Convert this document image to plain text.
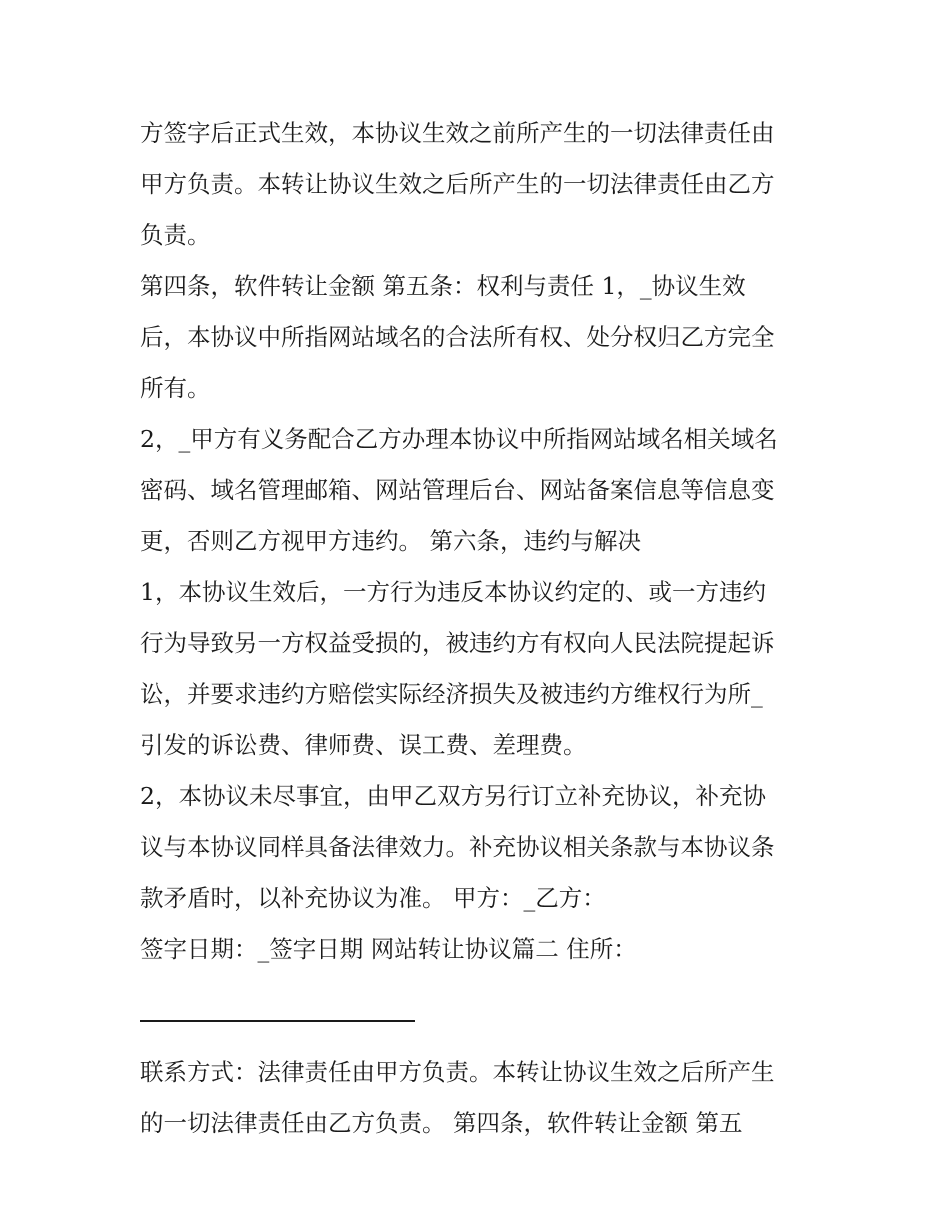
方签字后正式生效，本协议生效之前所产生的一切法律责任由
甲方负责。本转让协议生效之后所产生的一切法律责任由乙方
负责。
第四条，软件转让金额 第五条：权利与责任 1，_协议生效
后，本协议中所指网站域名的合法所有权、处分权归乙方完全
所有。
2，_甲方有义务配合乙方办理本协议中所指网站域名相关域名
密码、域名管理邮箱、网站管理后台、网站备案信息等信息变
更，否则乙方视甲方违约。 第六条，违约与解决
1，本协议生效后，一方行为违反本协议约定的、或一方违约
行为导致另一方权益受损的，被违约方有权向人民法院提起诉
讼，并要求违约方赔偿实际经济损失及被违约方维权行为所_
引发的诉讼费、律师费、误工费、差理费。
2，本协议未尽事宜，由甲乙双方另行订立补充协议，补充协
议与本协议同样具备法律效力。补充协议相关条款与本协议条
款矛盾时，以补充协议为准。 甲方：_乙方：
签字日期：_签字日期 网站转让协议篇二 住所：
联系方式：法律责任由甲方负责。本转让协议生效之后所产生
的一切法律责任由乙方负责。 第四条，软件转让金额 第五
